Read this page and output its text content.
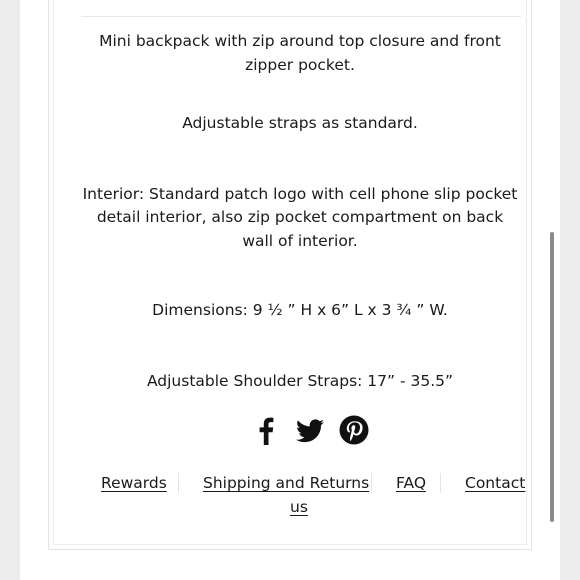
Mini backpack with zip around top closure and front zipper pocket.

Adjustable straps as standard.

Interior: Standard patch logo with cell phone slip pocket detail interior, also zip pocket compartment on back wall of interior.

Dimensions: 9 ½ ” H x 6” L x 3 ¾ ” W.

Adjustable Shoulder Straps: 17” - 35.5”

Rewards Shipping and Returns FAQ	Contact
us
